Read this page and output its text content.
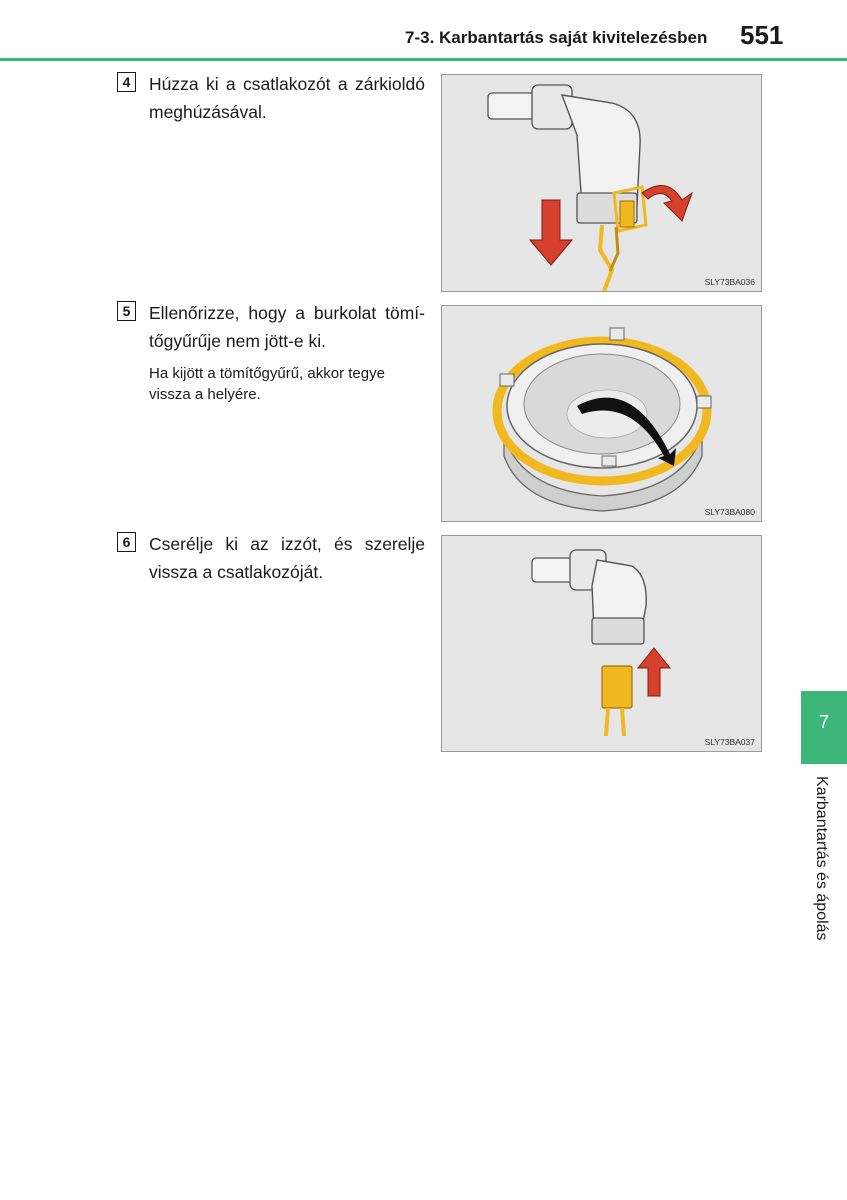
7-3. Karbantartás saját kivitelezésben 551
4	Húzza ki a csatlakozót a zárkioldó meghúzásával.
SLY73BA036
5	Ellenőrizze, hogy a burkolat tömítőgyűrűje nem jött-e ki.
Ha kijött a tömítőgyűrű, akkor tegye vissza a helyére.
SLY73BA080
6	Cserélje ki az izzót, és szerelje vissza a csatlakozóját.
SLY73BA037
7
Karbantartás és ápolás
